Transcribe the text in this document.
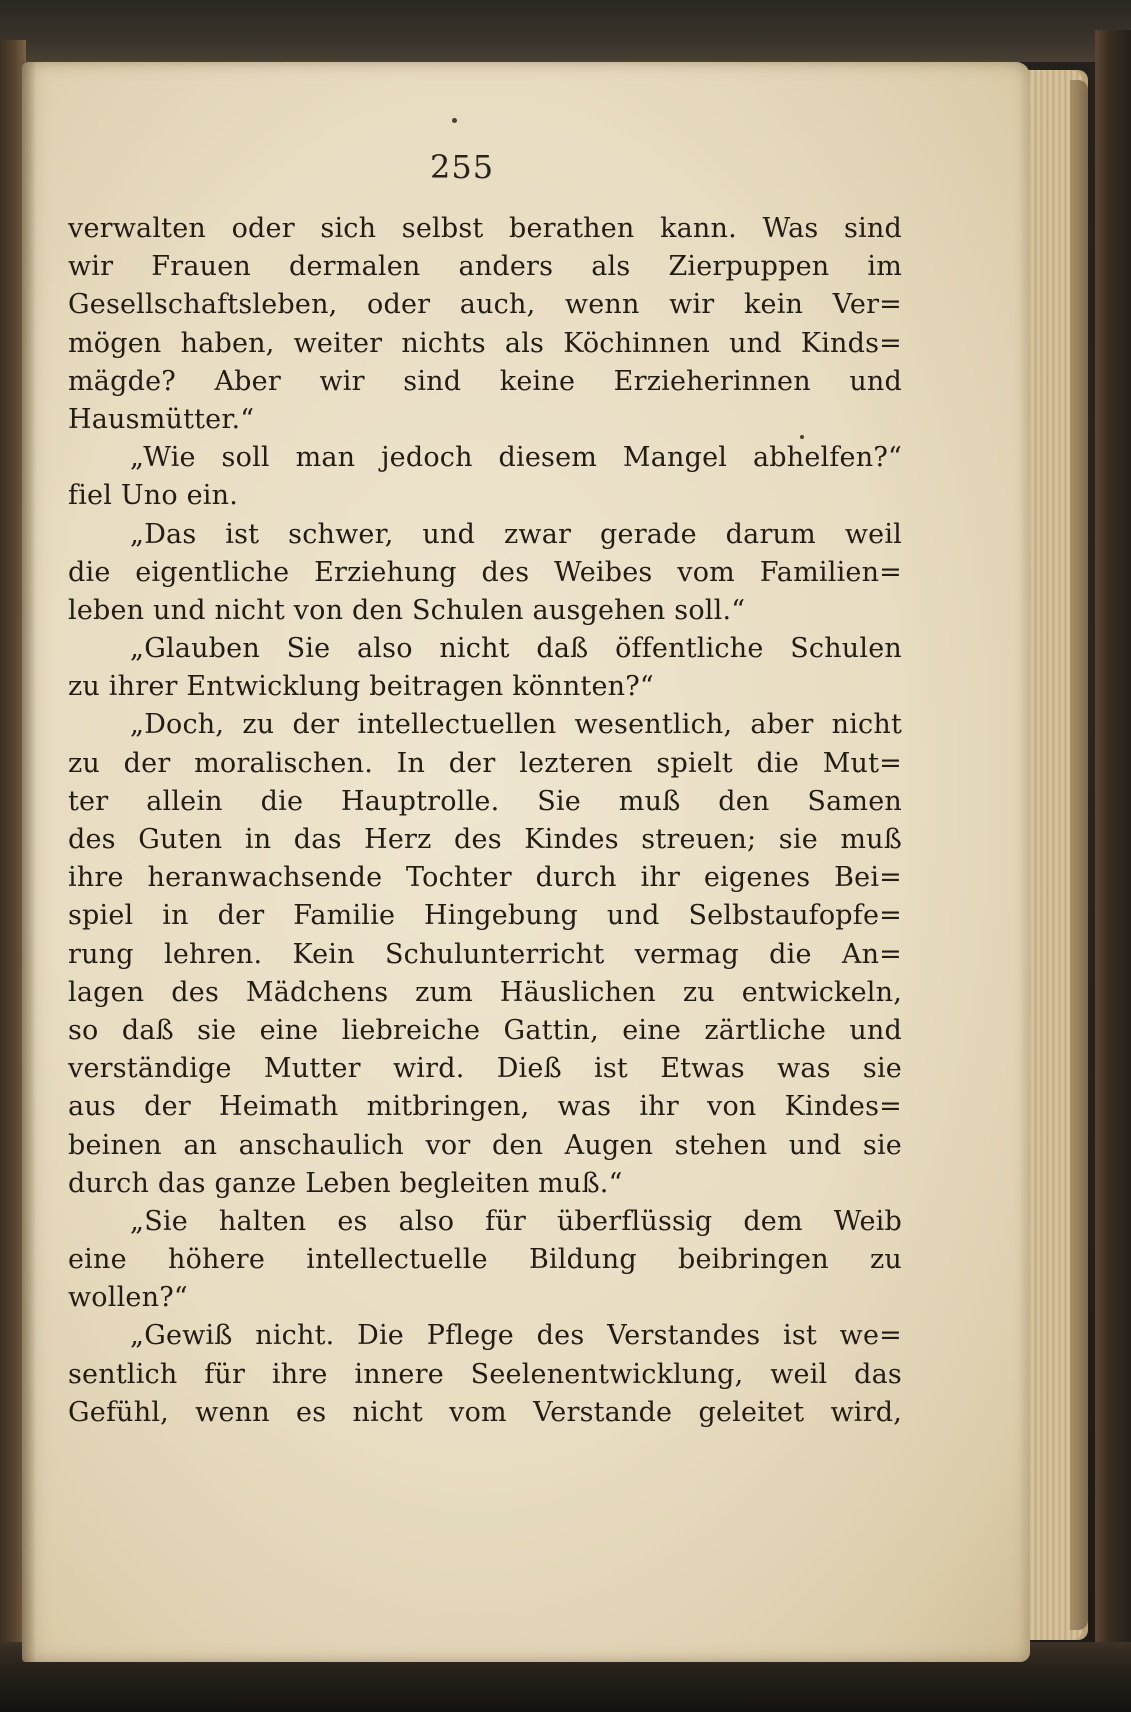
255
verwalten oder sich selbst berathen kann. Was sind
wir Frauen dermalen anders als Zierpuppen im
Gesellschaftsleben, oder auch, wenn wir kein Ver=
mögen haben, weiter nichts als Köchinnen und Kinds=
mägde? Aber wir sind keine Erzieherinnen und
Hausmütter.“
„Wie soll man jedoch diesem Mangel abhelfen?“
fiel Uno ein.
„Das ist schwer, und zwar gerade darum weil
die eigentliche Erziehung des Weibes vom Familien=
leben und nicht von den Schulen ausgehen soll.“
„Glauben Sie also nicht daß öffentliche Schulen
zu ihrer Entwicklung beitragen könnten?“
„Doch, zu der intellectuellen wesentlich, aber nicht
zu der moralischen. In der lezteren spielt die Mut=
ter allein die Hauptrolle. Sie muß den Samen
des Guten in das Herz des Kindes streuen; sie muß
ihre heranwachsende Tochter durch ihr eigenes Bei=
spiel in der Familie Hingebung und Selbstaufopfe=
rung lehren. Kein Schulunterricht vermag die An=
lagen des Mädchens zum Häuslichen zu entwickeln,
so daß sie eine liebreiche Gattin, eine zärtliche und
verständige Mutter wird. Dieß ist Etwas was sie
aus der Heimath mitbringen, was ihr von Kindes=
beinen an anschaulich vor den Augen stehen und sie
durch das ganze Leben begleiten muß.“
„Sie halten es also für überflüssig dem Weib
eine höhere intellectuelle Bildung beibringen zu
wollen?“
„Gewiß nicht. Die Pflege des Verstandes ist we=
sentlich für ihre innere Seelenentwicklung, weil das
Gefühl, wenn es nicht vom Verstande geleitet wird,
